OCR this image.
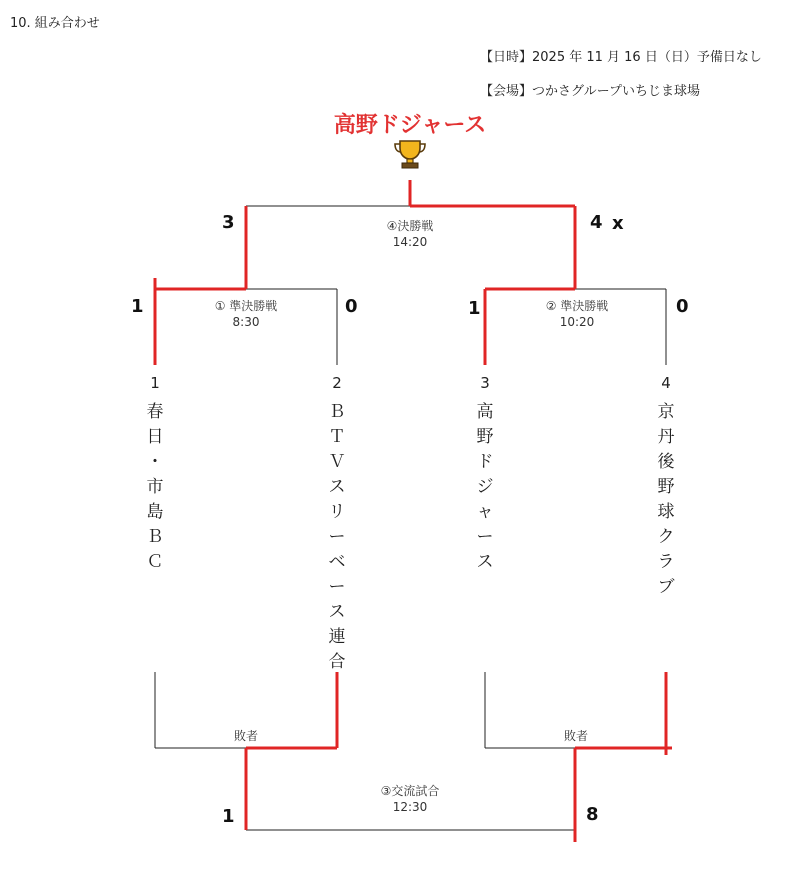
10. 組み合わせ
【日時】2025 年 11 月 16 日（日）予備日なし
【会場】つかさグループいちじま球場
高野ドジャース
④決勝戦
14:20
① 準決勝戦
8:30
② 準決勝戦
10:20
③交流試合
12:30
3	4 x
1	0	1	0
1	8
1	2	3	4
春
日
・
市
島
Ｂ
Ｃ
Ｂ
Ｔ
Ｖ
ス
リ
ー
ベ
ー
ス
連
合
高
野
ド
ジ
ャ
ー
ス
京
丹
後
野
球
ク
ラ
ブ
敗者	敗者
